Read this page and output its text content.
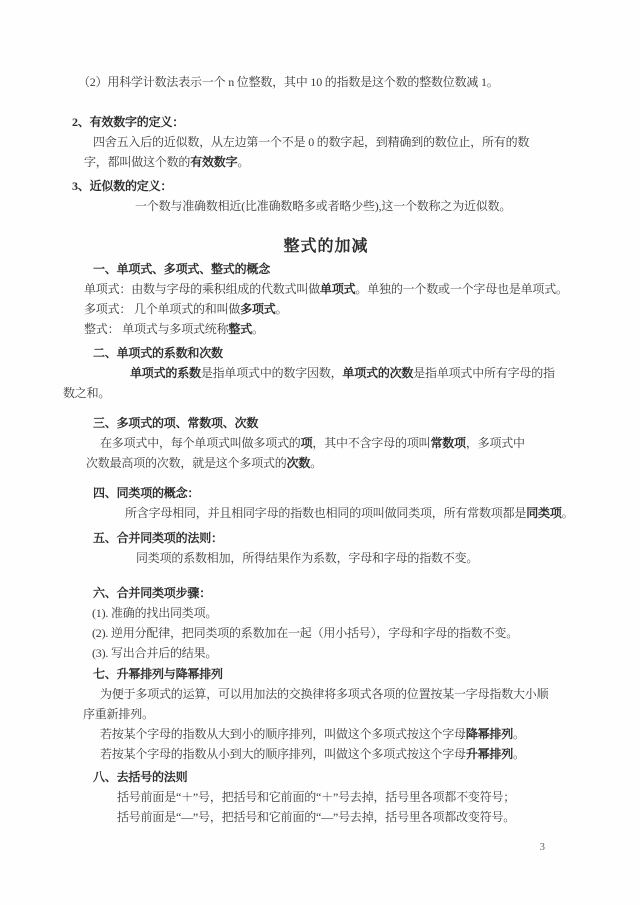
（2）用科学计数法表示一个 n 位整数，其中 10 的指数是这个数的整数位数减 1。
2、有效数字的定义：
四舍五入后的近似数，从左边第一个不是 0 的数字起，到精确到的数位止，所有的数
字，都叫做这个数的有效数字。
3、近似数的定义：
一个数与准确数相近(比准确数略多或者略少些),这一个数称之为近似数。
整式的加减
一、单项式、多项式、整式的概念
单项式：由数与字母的乘积组成的代数式叫做单项式。单独的一个数或一个字母也是单项式。
多项式： 几个单项式的和叫做多项式。
整式： 单项式与多项式统称整式。
二、单项式的系数和次数
单项式的系数是指单项式中的数字因数，单项式的次数是指单项式中所有字母的指
数之和。
三、多项式的项、常数项、次数
在多项式中，每个单项式叫做多项式的项，其中不含字母的项叫常数项，多项式中
次数最高项的次数，就是这个多项式的次数。
四、同类项的概念：
所含字母相同，并且相同字母的指数也相同的项叫做同类项，所有常数项都是同类项。
五、合并同类项的法则：
同类项的系数相加，所得结果作为系数，字母和字母的指数不变。
六、合并同类项步骤：
(1). 准确的找出同类项。
(2). 逆用分配律，把同类项的系数加在一起（用小括号），字母和字母的指数不变。
(3). 写出合并后的结果。
七、升幂排列与降幂排列
为便于多项式的运算，可以用加法的交换律将多项式各项的位置按某一字母指数大小顺
序重新排列。
若按某个字母的指数从大到小的顺序排列，叫做这个多项式按这个字母降幂排列。
若按某个字母的指数从小到大的顺序排列，叫做这个多项式按这个字母升幂排列。
八、去括号的法则
括号前面是“＋”号，把括号和它前面的“＋”号去掉，括号里各项都不变符号；
括号前面是“—”号，把括号和它前面的“—”号去掉，括号里各项都改变符号。
3
